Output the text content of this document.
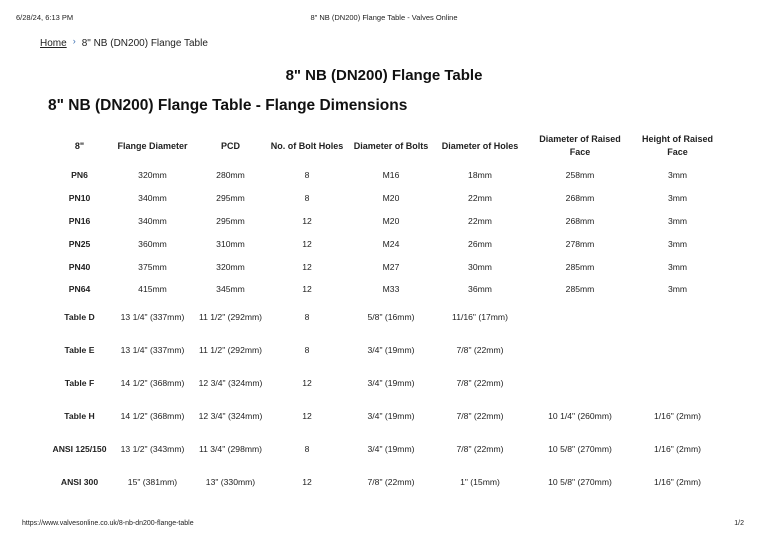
6/28/24, 6:13 PM	8" NB (DN200) Flange Table - Valves Online
Home › 8" NB (DN200) Flange Table
8" NB (DN200) Flange Table
8" NB (DN200) Flange Table - Flange Dimensions
8"	Flange Diameter	PCD	No. of Bolt Holes	Diameter of Bolts	Diameter of Holes	Diameter of Raised Face	Height of Raised Face
PN6	320mm	280mm	8	M16	18mm	258mm	3mm
PN10	340mm	295mm	8	M20	22mm	268mm	3mm
PN16	340mm	295mm	12	M20	22mm	268mm	3mm
PN25	360mm	310mm	12	M24	26mm	278mm	3mm
PN40	375mm	320mm	12	M27	30mm	285mm	3mm
PN64	415mm	345mm	12	M33	36mm	285mm	3mm
Table D	13 1/4" (337mm)	11 1/2" (292mm)	8	5/8" (16mm)	11/16" (17mm)		
Table E	13 1/4" (337mm)	11 1/2" (292mm)	8	3/4" (19mm)	7/8" (22mm)		
Table F	14 1/2" (368mm)	12 3/4" (324mm)	12	3/4" (19mm)	7/8" (22mm)		
Table H	14 1/2" (368mm)	12 3/4" (324mm)	12	3/4" (19mm)	7/8" (22mm)	10 1/4" (260mm)	1/16" (2mm)
ANSI 125/150	13 1/2" (343mm)	11 3/4" (298mm)	8	3/4" (19mm)	7/8" (22mm)	10 5/8" (270mm)	1/16" (2mm)
ANSI 300	15" (381mm)	13" (330mm)	12	7/8" (22mm)	1" (15mm)	10 5/8" (270mm)	1/16" (2mm)
https://www.valvesonline.co.uk/8-nb-dn200-flange-table	1/2
